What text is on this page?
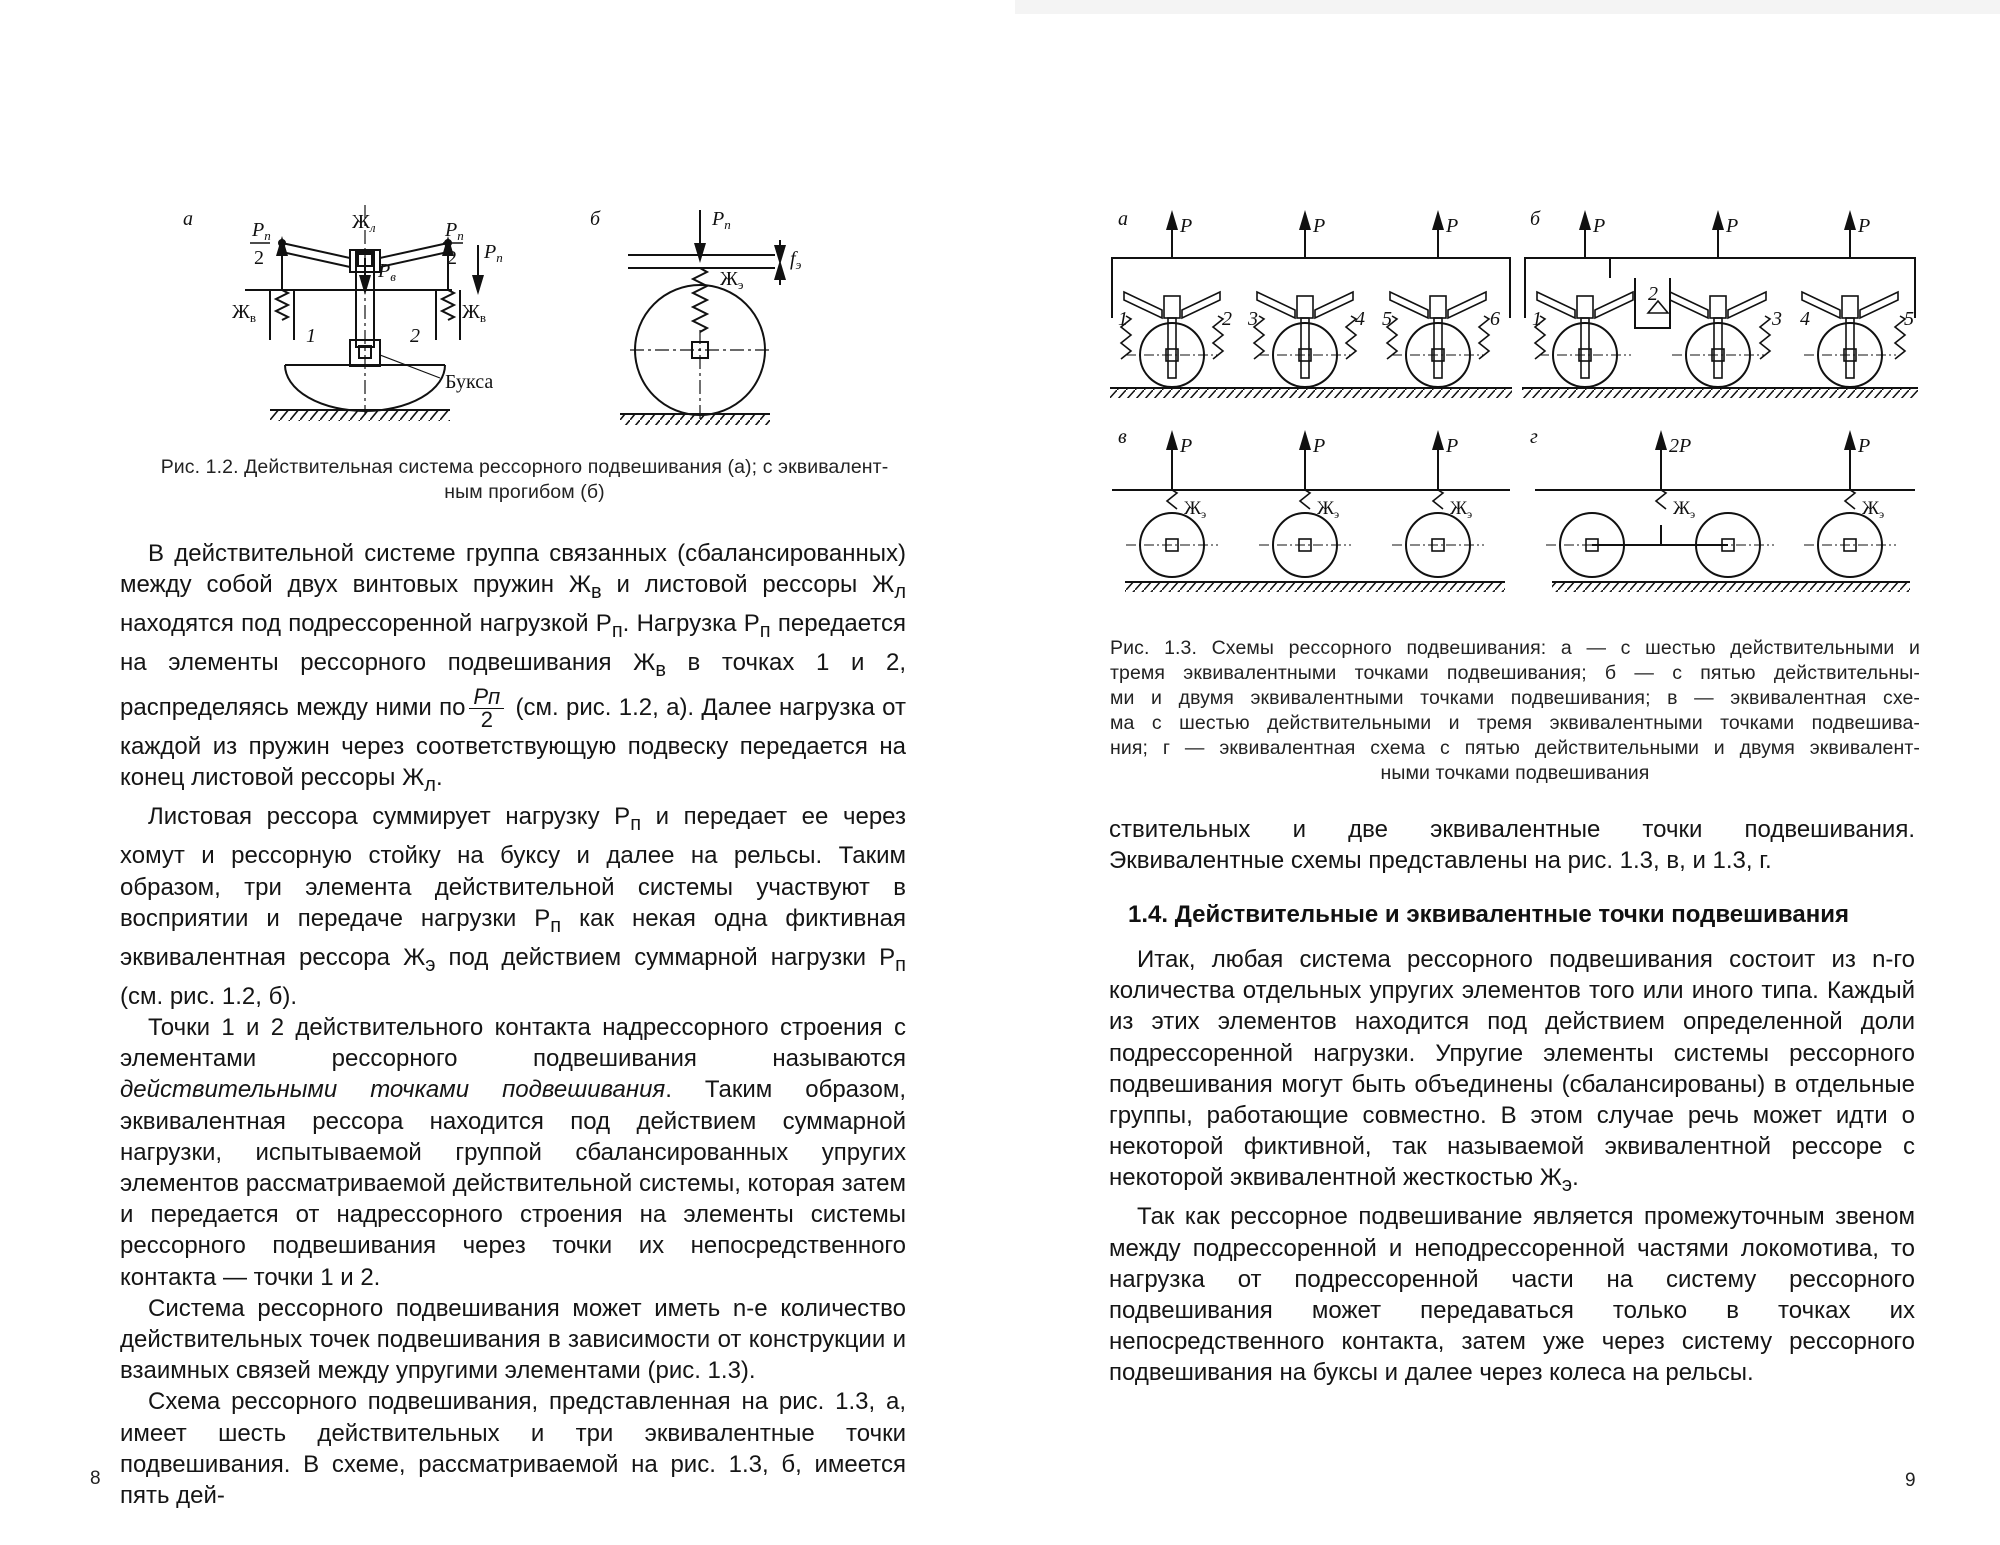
а	$P_п$
2
$P_п$
2 $P_п$
$Ж_л$
$P_в$
$Ж_в$	$Ж_в$
1	2
Букса
б	$P_п$
$Ж_э$
$f_э$
Рис. 1.2. Действительная система рессорного подвешивания (а); с эквивалент-
ным прогибом (б)

В действительной системе группа связанных (сбалансированных) между собой двух винтовых пружин $Ж_в$ и листовой рессоры $Ж_л$ находятся под подрессоренной нагрузкой $P_п$. Нагрузка $P_п$ передается на элементы рессорного подвешивания $Ж_в$ в точках 1 и 2, распределяясь между ними по $\frac{Pп}{2} (см$. рис. 1.2, а). Далее нагрузка от каждой из пружин через соответствующую подвеску передается на конец листовой рессоры $Ж_л$.

Листовая рессора суммирует нагрузку $P_п$ и передает ее через хомут и рессорную стойку на буксу и далее на рельсы. Таким образом, три элемента действительной системы участвуют в восприятии и передаче нагрузки $P_п$ как некая одна фиктивная эквивалентная рессора $Ж_э$ под действием суммарной нагрузки $P_п$ (см. рис. 1.2, б).

Точки 1 и 2 действительного контакта надрессорного строения с элементами рессорного подвешивания называются действительными точками подвешивания. Таким образом, эквивалентная рессора находится под действием суммарной нагрузки, испытываемой группой сбалансированных упругих элементов рассматриваемой действительной системы, которая затем и передается от надрессорного строения на элементы системы рессорного подвешивания через точки их непосредственного контакта — точки 1 и 2.

Система рессорного подвешивания может иметь n-е количество действительных точек подвешивания в зависимости от конструкции и взаимных связей между упругими элементами (рис. 1.3).

Схема рессорного подвешивания, представленная на рис. 1.3, а, имеет шесть действительных и три эквивалентные точки подвешивания. В схеме, рассматриваемой на рис. 1.3, б, имеется пять дей-

8
P	P	P
1	2 3	4 5	6
P	P	P
1
2
3 4	5
P
$Ж_э$
P
$Ж_э$
P
$Ж_э$
2P	P
$Ж_э$	$Ж_э$
а	б
в	г
Рис. 1.3. Схемы рессорного подвешивания: а — с шестью действительными и
тремя эквивалентными точками подвешивания; б — с пятью действительны-
ми и двумя эквивалентными точками подвешивания; в — эквивалентная схе-
ма с шестью действительными и тремя эквивалентными точками подвешива-
ния; г — эквивалентная схема с пятью действительными и двумя эквивалент-
ными точками подвешивания

ствительных и две эквивалентные точки подвешивания. Эквивалентные схемы представлены на рис. 1.3, в, и 1.3, г.

1.4. Действительные и эквивалентные точки подвешивания

Итак, любая система рессорного подвешивания состоит из n-го количества отдельных упругих элементов того или иного типа. Каждый из этих элементов находится под действием определенной доли подрессоренной нагрузки. Упругие элементы системы рессорного подвешивания могут быть объединены (сбалансированы) в отдельные группы, работающие совместно. В этом случае речь может идти о некоторой фиктивной, так называемой эквивалентной рессоре с некоторой эквивалентной жесткостью $Ж_э$.

Так как рессорное подвешивание является промежуточным звеном между подрессоренной и неподрессоренной частями локомотива, то нагрузка от подрессоренной части на систему рессорного подвешивания может передаваться только в точках их непосредственного контакта, затем уже через систему рессорного подвешивания на буксы и далее через колеса на рельсы.

9
